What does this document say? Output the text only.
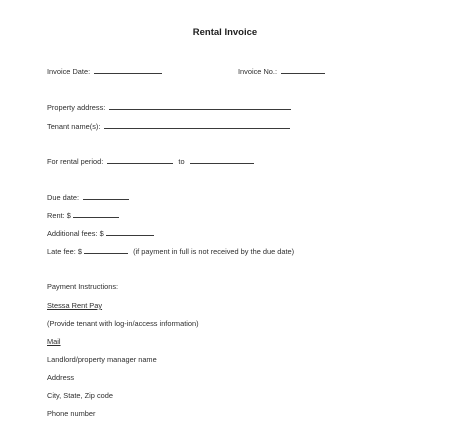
Rental Invoice
Invoice Date:	Invoice No.:
Property address:
Tenant name(s):
For rental period:	to
Due date:
Rent: $
Additional fees: $
Late fee: $	(if payment in full is not received by the due date)
Payment Instructions:
Stessa Rent Pay
(Provide tenant with log-in/access information)
Mail
Landlord/property manager name
Address
City, State, Zip code
Phone number
